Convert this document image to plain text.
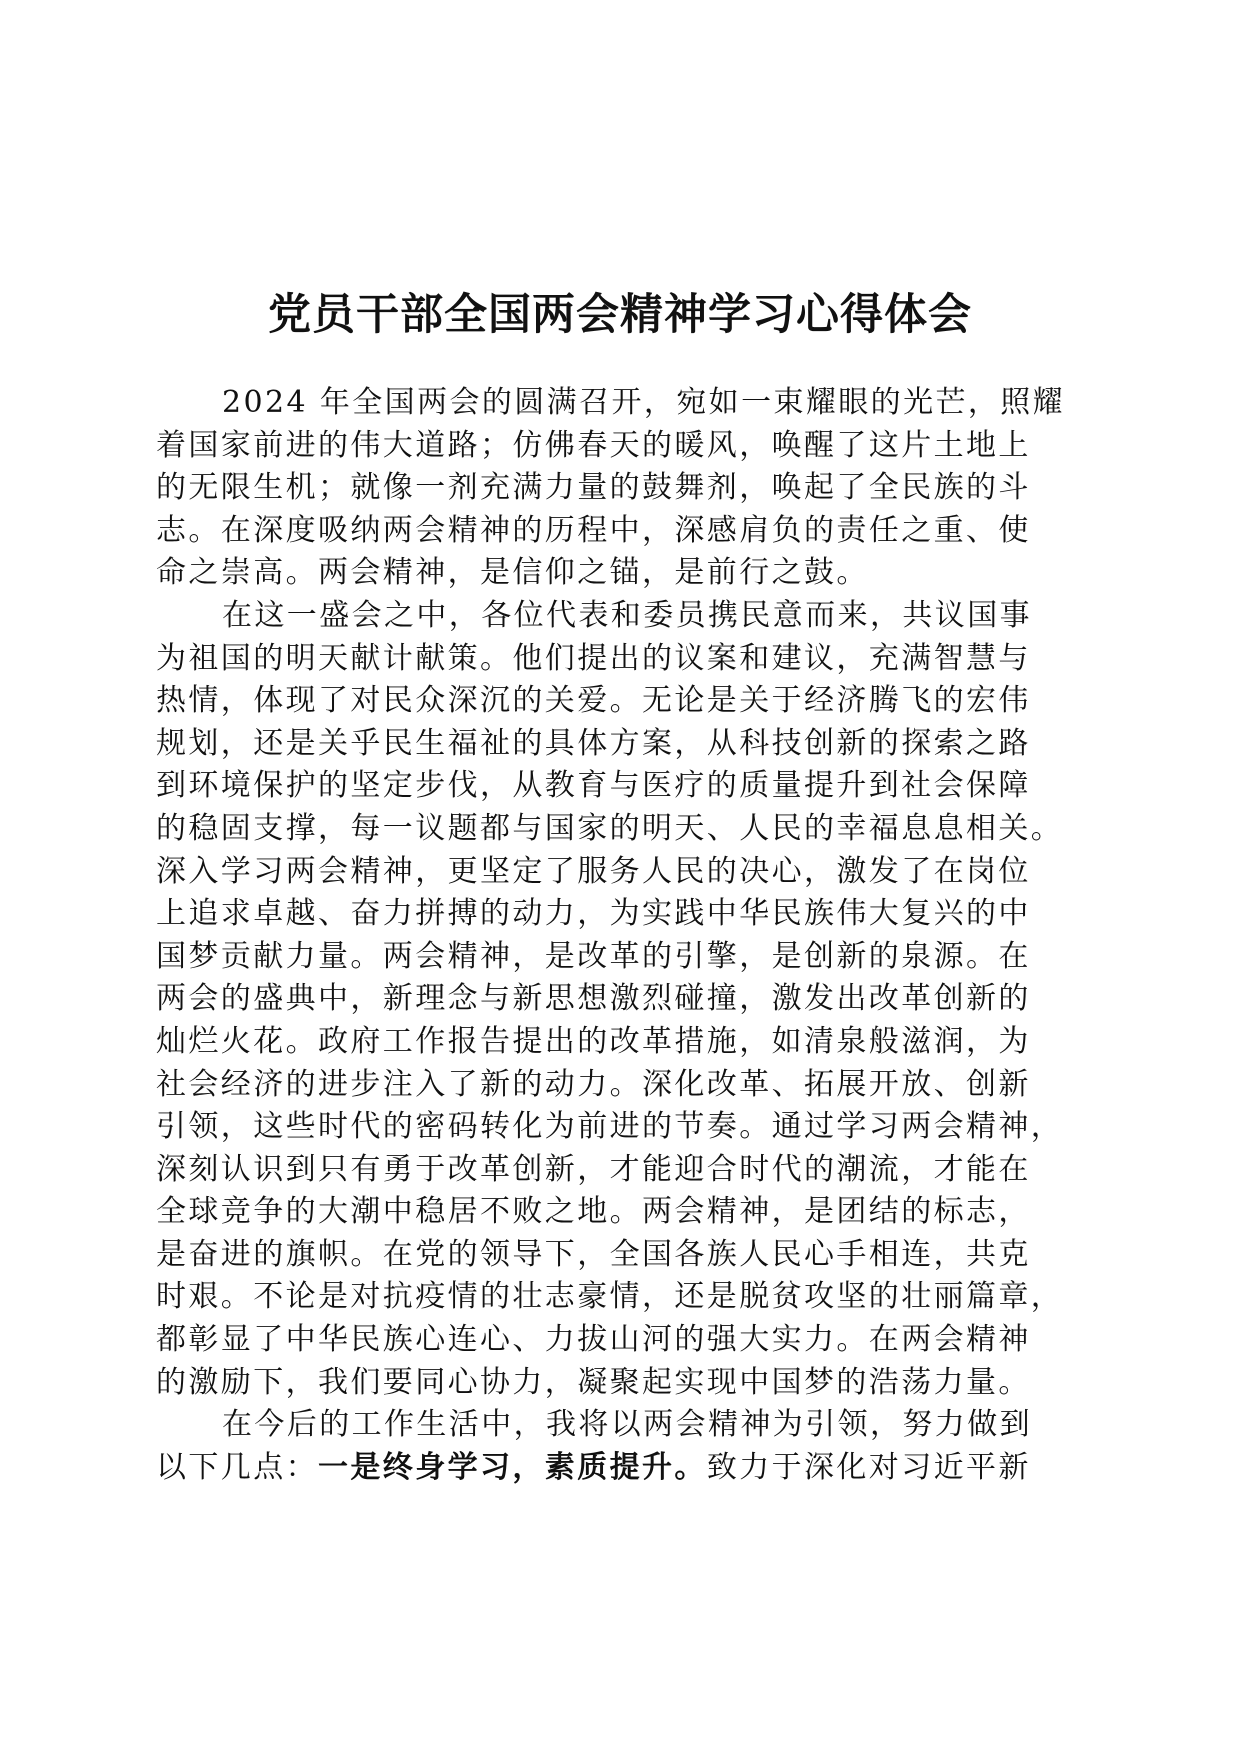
党员干部全国两会精神学习心得体会
2024 年全国两会的圆满召开，宛如一束耀眼的光芒，照耀
着国家前进的伟大道路；仿佛春天的暖风，唤醒了这片土地上
的无限生机；就像一剂充满力量的鼓舞剂，唤起了全民族的斗
志。在深度吸纳两会精神的历程中，深感肩负的责任之重、使
命之崇高。两会精神，是信仰之锚，是前行之鼓。
在这一盛会之中，各位代表和委员携民意而来，共议国事
为祖国的明天献计献策。他们提出的议案和建议，充满智慧与
热情，体现了对民众深沉的关爱。无论是关于经济腾飞的宏伟
规划，还是关乎民生福祉的具体方案，从科技创新的探索之路
到环境保护的坚定步伐，从教育与医疗的质量提升到社会保障
的稳固支撑，每一议题都与国家的明天、人民的幸福息息相关。
深入学习两会精神，更坚定了服务人民的决心，激发了在岗位
上追求卓越、奋力拼搏的动力，为实践中华民族伟大复兴的中
国梦贡献力量。两会精神，是改革的引擎，是创新的泉源。在
两会的盛典中，新理念与新思想激烈碰撞，激发出改革创新的
灿烂火花。政府工作报告提出的改革措施，如清泉般滋润，为
社会经济的进步注入了新的动力。深化改革、拓展开放、创新
引领，这些时代的密码转化为前进的节奏。通过学习两会精神，
深刻认识到只有勇于改革创新，才能迎合时代的潮流，才能在
全球竞争的大潮中稳居不败之地。两会精神，是团结的标志，
是奋进的旗帜。在党的领导下，全国各族人民心手相连，共克
时艰。不论是对抗疫情的壮志豪情，还是脱贫攻坚的壮丽篇章，
都彰显了中华民族心连心、力拔山河的强大实力。在两会精神
的激励下，我们要同心协力，凝聚起实现中国梦的浩荡力量。
在今后的工作生活中，我将以两会精神为引领，努力做到
以下几点：一是终身学习，素质提升。致力于深化对习近平新
